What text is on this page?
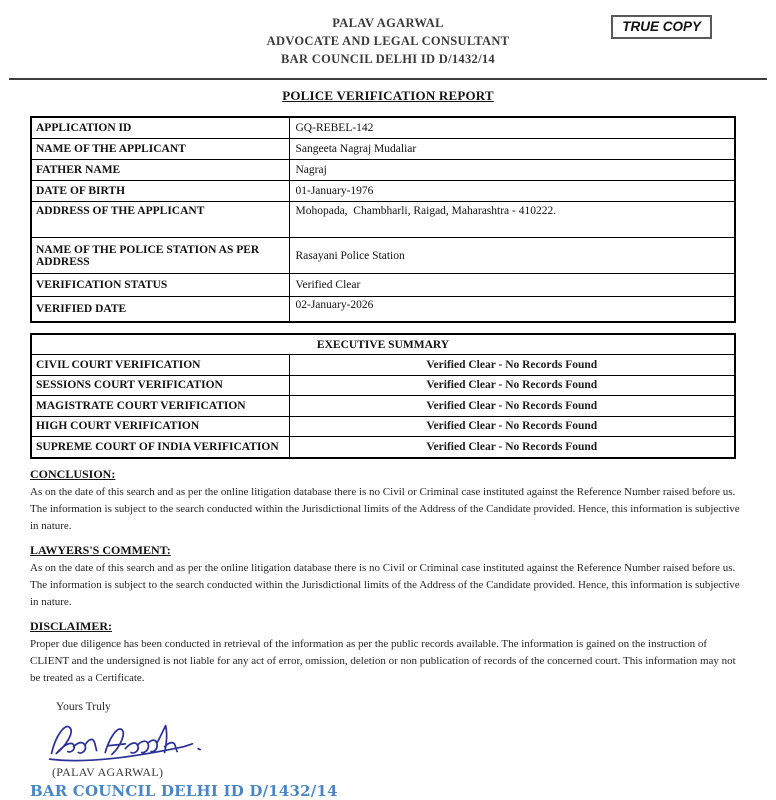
PALAV AGARWAL
ADVOCATE AND LEGAL CONSULTANT
BAR COUNCIL DELHI ID D/1432/14
TRUE COPY
POLICE VERIFICATION REPORT
APPLICATION ID	GQ-REBEL-142
NAME OF THE APPLICANT	Sangeeta Nagraj Mudaliar
FATHER NAME	Nagraj
DATE OF BIRTH	01-January-1976
ADDRESS OF THE APPLICANT	Mohopada,  Chambharli, Raigad, Maharashtra - 410222.
NAME OF THE POLICE STATION AS PER ADDRESS	Rasayani Police Station
VERIFICATION STATUS	Verified Clear
VERIFIED DATE	02-January-2026
EXECUTIVE SUMMARY	
CIVIL COURT VERIFICATION	Verified Clear - No Records Found
SESSIONS COURT VERIFICATION	Verified Clear - No Records Found
MAGISTRATE COURT VERIFICATION	Verified Clear - No Records Found
HIGH COURT VERIFICATION	Verified Clear - No Records Found
SUPREME COURT OF INDIA VERIFICATION	Verified Clear - No Records Found
CONCLUSION:
As on the date of this search and as per the online litigation database there is no Civil or Criminal case instituted against the Reference Number raised before us. The information is subject to the search conducted within the Jurisdictional limits of the Address of the Candidate provided. Hence, this information is subjective in nature.
LAWYERS'S COMMENT:
As on the date of this search and as per the online litigation database there is no Civil or Criminal case instituted against the Reference Number raised before us. The information is subject to the search conducted within the Jurisdictional limits of the Address of the Candidate provided. Hence, this information is subjective in nature.
DISCLAIMER:
Proper due diligence has been conducted in retrieval of the information as per the public records available. The information is gained on the instruction of CLIENT and the undersigned is not liable for any act of error, omission, deletion or non publication of records of the concerned court. This information may not be treated as a Certificate.
Yours Truly
(PALAV AGARWAL)
BAR COUNCIL DELHI ID D/1432/14
